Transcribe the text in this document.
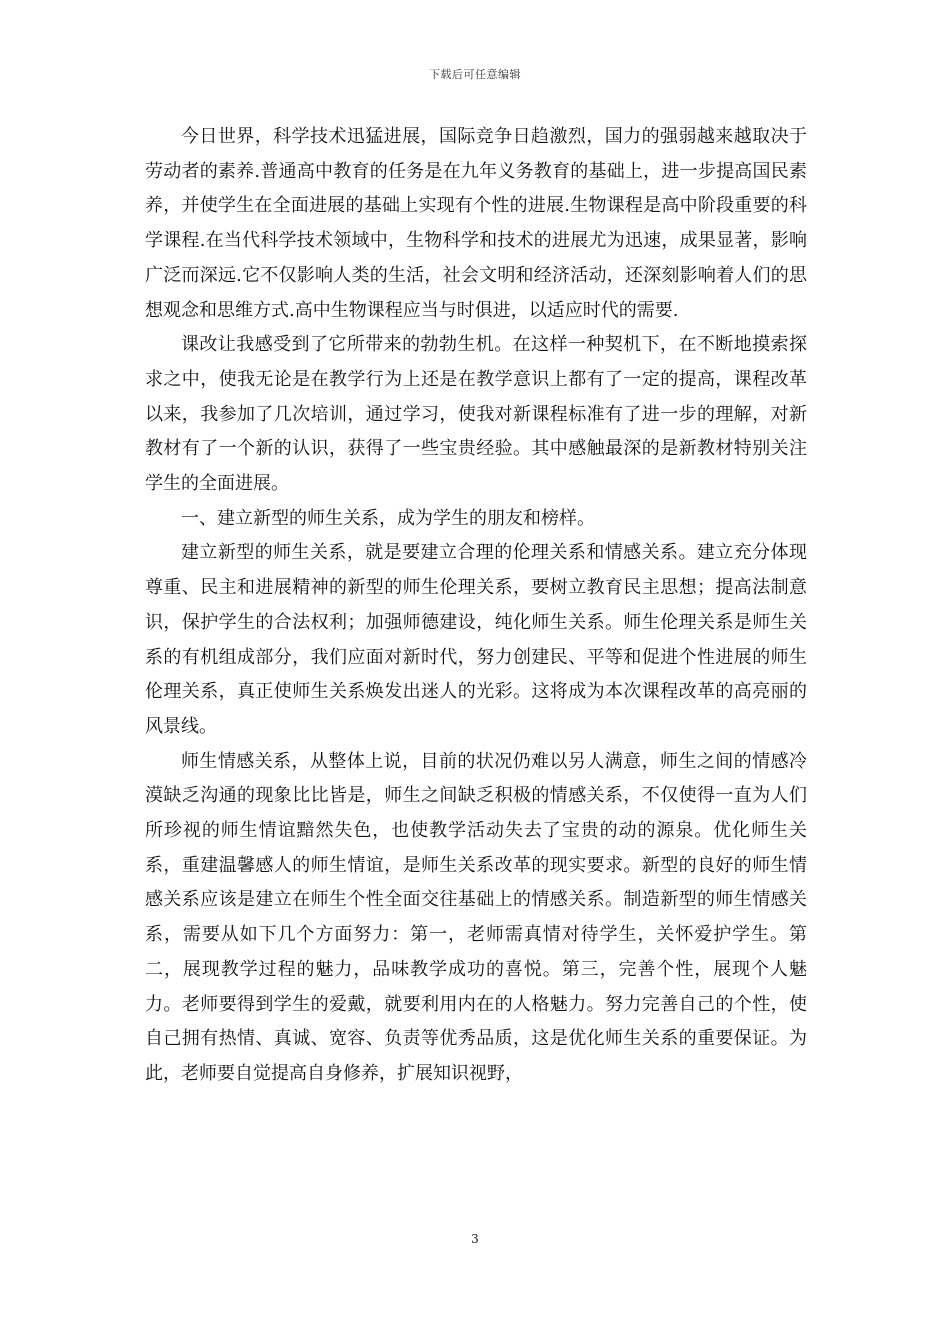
下载后可任意编辑

今日世界，科学技术迅猛进展，国际竞争日趋激烈，国力的强弱越来越取决于劳动者的素养.普通高中教育的任务是在九年义务教育的基础上，进一步提高国民素养，并使学生在全面进展的基础上实现有个性的进展.生物课程是高中阶段重要的科学课程.在当代科学技术领域中，生物科学和技术的进展尤为迅速，成果显著，影响广泛而深远.它不仅影响人类的生活，社会文明和经济活动，还深刻影响着人们的思想观念和思维方式.高中生物课程应当与时俱进，以适应时代的需要.

课改让我感受到了它所带来的勃勃生机。在这样一种契机下，在不断地摸索探求之中，使我无论是在教学行为上还是在教学意识上都有了一定的提高，课程改革以来，我参加了几次培训，通过学习，使我对新课程标准有了进一步的理解，对新教材有了一个新的认识，获得了一些宝贵经验。其中感触最深的是新教材特别关注学生的全面进展。

一、建立新型的师生关系，成为学生的朋友和榜样。

建立新型的师生关系，就是要建立合理的伦理关系和情感关系。建立充分体现尊重、民主和进展精神的新型的师生伦理关系，要树立教育民主思想；提高法制意识，保护学生的合法权利；加强师德建设，纯化师生关系。师生伦理关系是师生关系的有机组成部分，我们应面对新时代，努力创建民、平等和促进个性进展的师生伦理关系，真正使师生关系焕发出迷人的光彩。这将成为本次课程改革的高亮丽的风景线。

师生情感关系，从整体上说，目前的状况仍难以另人满意，师生之间的情感冷漠缺乏沟通的现象比比皆是，师生之间缺乏积极的情感关系，不仅使得一直为人们所珍视的师生情谊黯然失色，也使教学活动失去了宝贵的动的源泉。优化师生关系，重建温馨感人的师生情谊，是师生关系改革的现实要求。新型的良好的师生情感关系应该是建立在师生个性全面交往基础上的情感关系。制造新型的师生情感关系，需要从如下几个方面努力：第一，老师需真情对待学生，关怀爱护学生。第二，展现教学过程的魅力，品味教学成功的喜悦。第三，完善个性，展现个人魅力。老师要得到学生的爱戴，就要利用内在的人格魅力。努力完善自己的个性，使自己拥有热情、真诚、宽容、负责等优秀品质，这是优化师生关系的重要保证。为此，老师要自觉提高自身修养，扩展知识视野，

3
